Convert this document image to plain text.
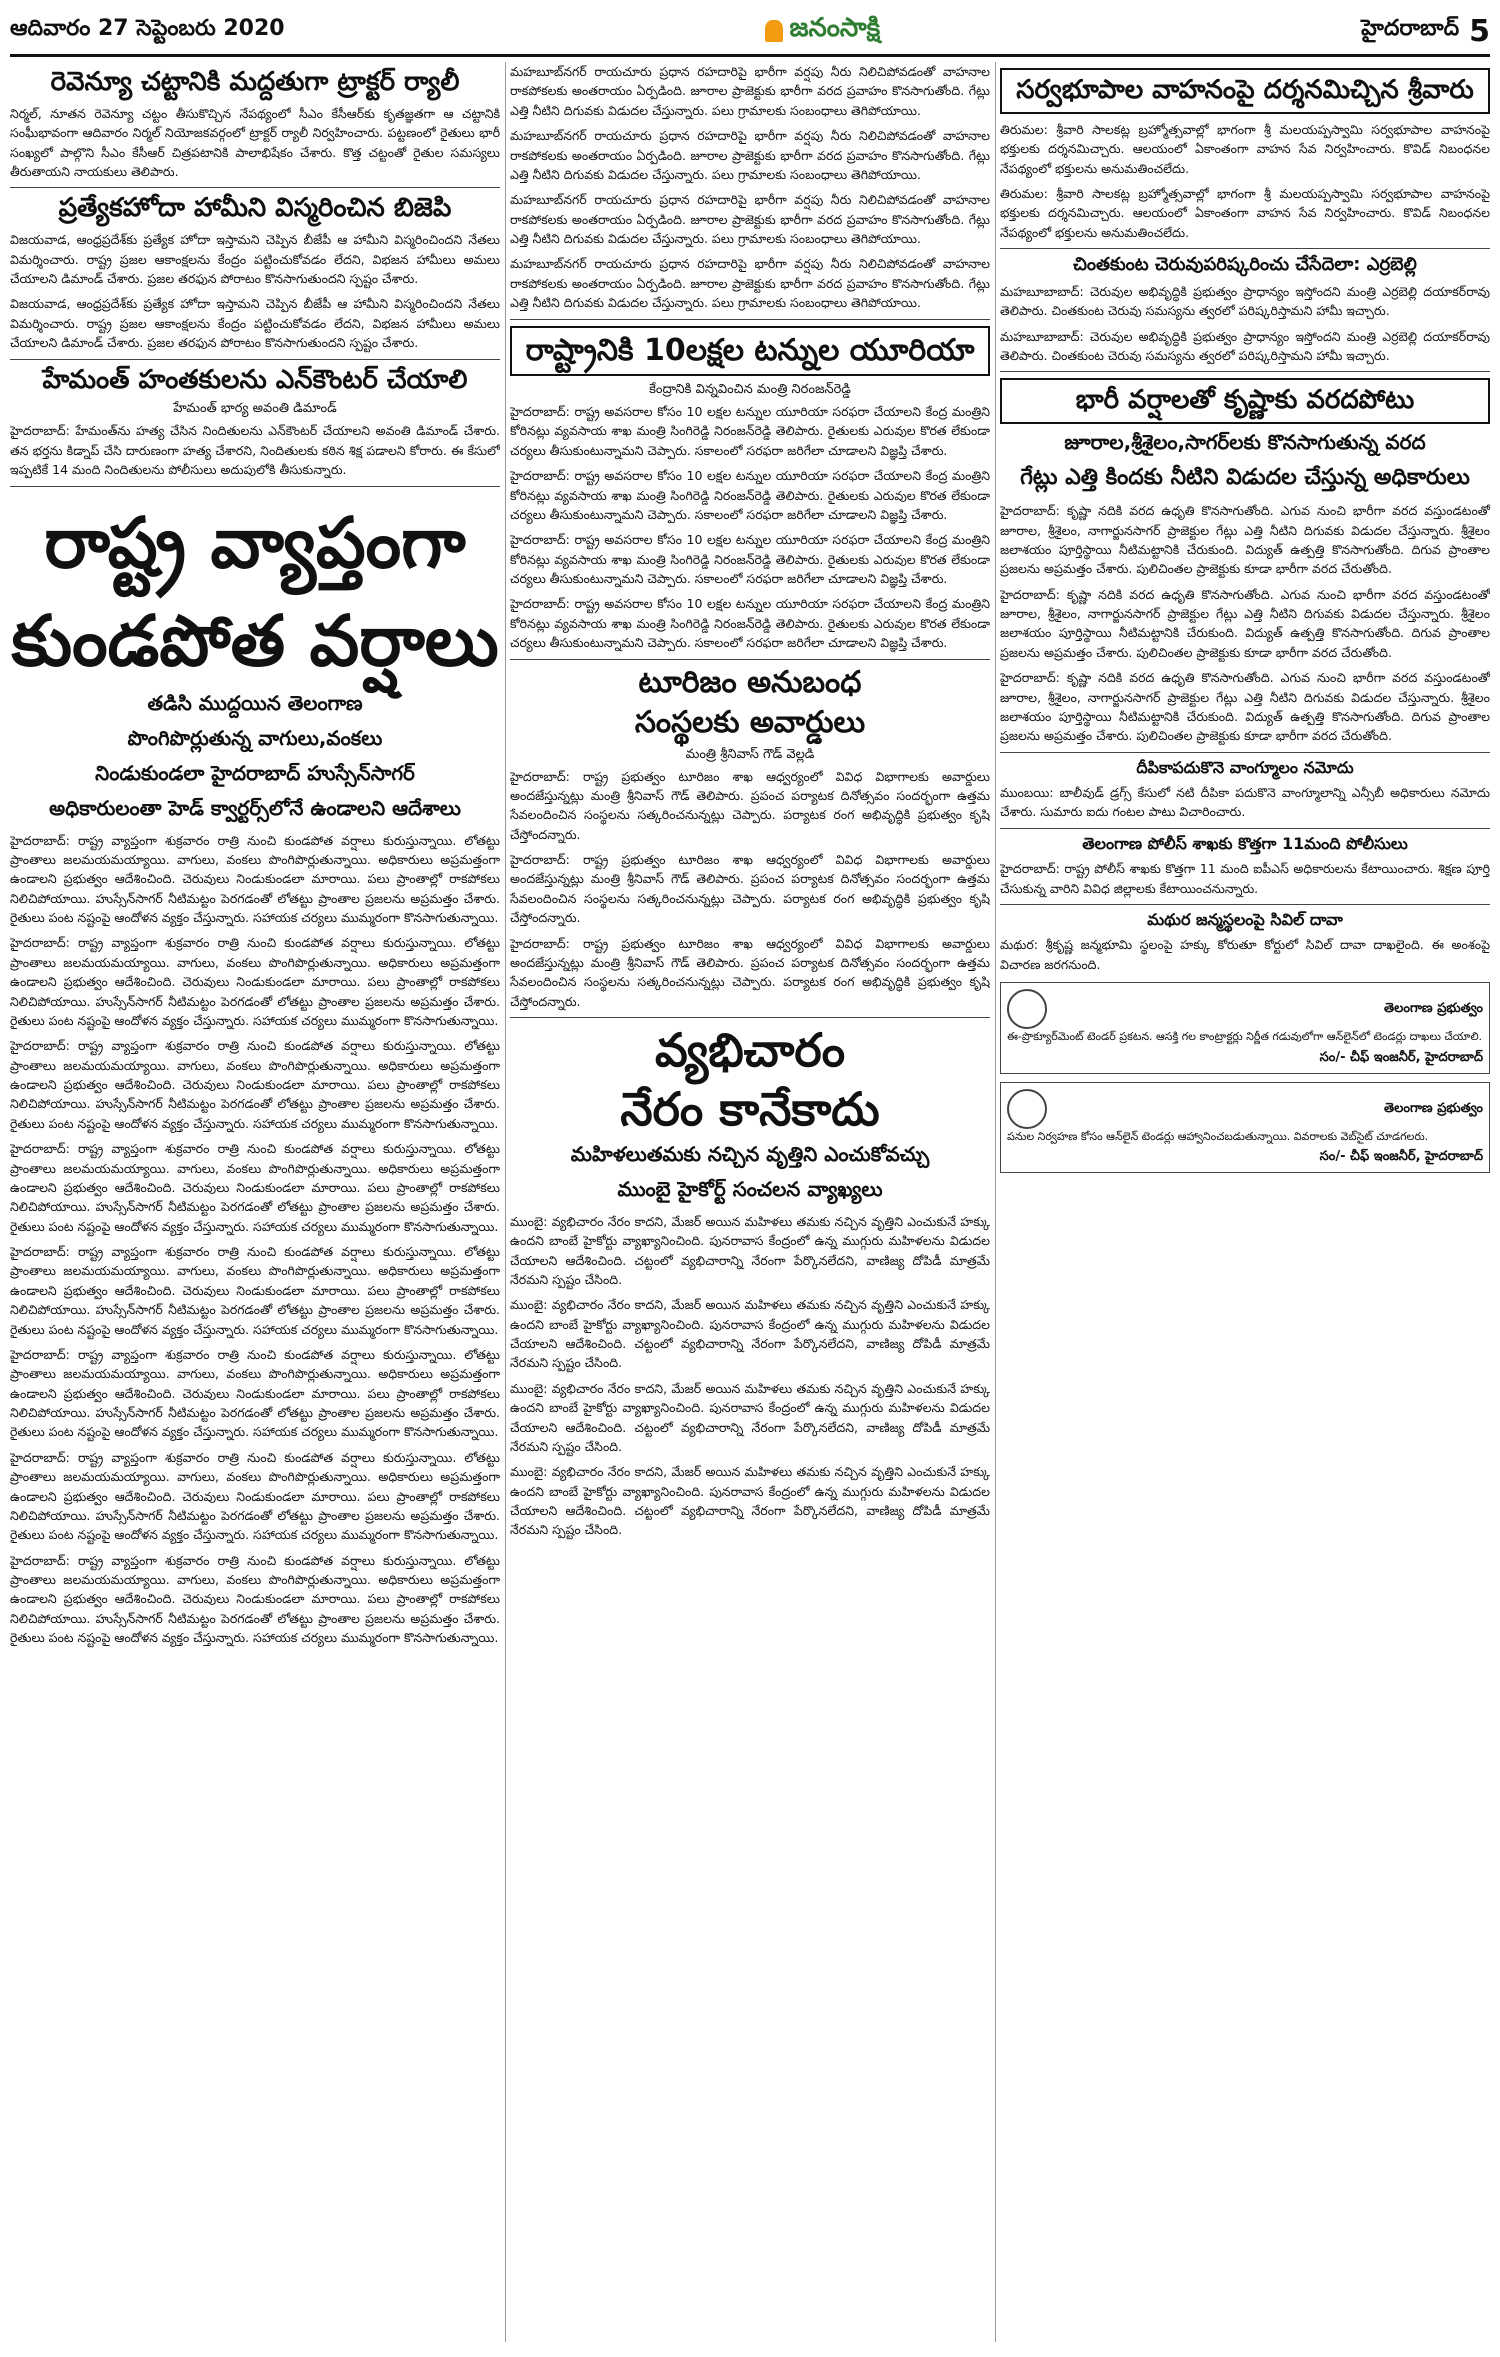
ఆదివారం 27 సెప్టెంబరు 2020	జనంసాక్షి	హైదరాబాద్ 5
రెవెన్యూ చట్టానికి మద్దతుగా ట్రాక్టర్ ర్యాలీ

నిర్మల్, నూతన రెవెన్యూ చట్టం తీసుకొచ్చిన నేపథ్యంలో సీఎం కేసీఆర్‌కు కృతజ్ఞతగా ఆ చట్టానికి సంఘీభావంగా ఆదివారం నిర్మల్ నియోజకవర్గంలో ట్రాక్టర్ ర్యాలీ నిర్వహించారు. పట్టణంలో రైతులు భారీ సంఖ్యలో పాల్గొని సీఎం కేసీఆర్ చిత్రపటానికి పాలాభిషేకం చేశారు. కొత్త చట్టంతో రైతుల సమస్యలు తీరుతాయని నాయకులు తెలిపారు.

ప్రత్యేకహోదా హామీని విస్మరించిన బిజెపి

విజయవాడ, ఆంధ్రప్రదేశ్‌కు ప్రత్యేక హోదా ఇస్తామని చెప్పిన బీజేపీ ఆ హామీని విస్మరించిందని నేతలు విమర్శించారు. రాష్ట్ర ప్రజల ఆకాంక్షలను కేంద్రం పట్టించుకోవడం లేదని, విభజన హామీలు అమలు చేయాలని డిమాండ్ చేశారు. ప్రజల తరఫున పోరాటం కొనసాగుతుందని స్పష్టం చేశారు.

విజయవాడ, ఆంధ్రప్రదేశ్‌కు ప్రత్యేక హోదా ఇస్తామని చెప్పిన బీజేపీ ఆ హామీని విస్మరించిందని నేతలు విమర్శించారు. రాష్ట్ర ప్రజల ఆకాంక్షలను కేంద్రం పట్టించుకోవడం లేదని, విభజన హామీలు అమలు చేయాలని డిమాండ్ చేశారు. ప్రజల తరఫున పోరాటం కొనసాగుతుందని స్పష్టం చేశారు.

హేమంత్ హంతకులను ఎన్‌కౌంటర్ చేయాలి
హేమంత్ భార్య అవంతి డిమాండ్

హైదరాబాద్: హేమంత్‌ను హత్య చేసిన నిందితులను ఎన్‌కౌంటర్ చేయాలని అవంతి డిమాండ్ చేశారు. తన భర్తను కిడ్నాప్ చేసి దారుణంగా హత్య చేశారని, నిందితులకు కఠిన శిక్ష పడాలని కోరారు. ఈ కేసులో ఇప్పటికే 14 మంది నిందితులను పోలీసులు అదుపులోకి తీసుకున్నారు.

రాష్ట్ర వ్యాప్తంగా
కుండపోత వర్షాలు
తడిసి ముద్దయిన తెలంగాణ
పొంగిపొర్లుతున్న వాగులు,వంకలు
నిండుకుండలా హైదరాబాద్ హుస్సేన్‌సాగర్
అధికారులంతా హెడ్ క్వార్టర్స్‌లోనే ఉండాలని ఆదేశాలు

హైదరాబాద్: రాష్ట్ర వ్యాప్తంగా శుక్రవారం రాత్రి నుంచి కుండపోత వర్షాలు కురుస్తున్నాయి. లోతట్టు ప్రాంతాలు జలమయమయ్యాయి. వాగులు, వంకలు పొంగిపొర్లుతున్నాయి. అధికారులు అప్రమత్తంగా ఉండాలని ప్రభుత్వం ఆదేశించింది. చెరువులు నిండుకుండలా మారాయి. పలు ప్రాంతాల్లో రాకపోకలు నిలిచిపోయాయి. హుస్సేన్‌సాగర్ నీటిమట్టం పెరగడంతో లోతట్టు ప్రాంతాల ప్రజలను అప్రమత్తం చేశారు. రైతులు పంట నష్టంపై ఆందోళన వ్యక్తం చేస్తున్నారు. సహాయక చర్యలు ముమ్మరంగా కొనసాగుతున్నాయి.

హైదరాబాద్: రాష్ట్ర వ్యాప్తంగా శుక్రవారం రాత్రి నుంచి కుండపోత వర్షాలు కురుస్తున్నాయి. లోతట్టు ప్రాంతాలు జలమయమయ్యాయి. వాగులు, వంకలు పొంగిపొర్లుతున్నాయి. అధికారులు అప్రమత్తంగా ఉండాలని ప్రభుత్వం ఆదేశించింది. చెరువులు నిండుకుండలా మారాయి. పలు ప్రాంతాల్లో రాకపోకలు నిలిచిపోయాయి. హుస్సేన్‌సాగర్ నీటిమట్టం పెరగడంతో లోతట్టు ప్రాంతాల ప్రజలను అప్రమత్తం చేశారు. రైతులు పంట నష్టంపై ఆందోళన వ్యక్తం చేస్తున్నారు. సహాయక చర్యలు ముమ్మరంగా కొనసాగుతున్నాయి.

హైదరాబాద్: రాష్ట్ర వ్యాప్తంగా శుక్రవారం రాత్రి నుంచి కుండపోత వర్షాలు కురుస్తున్నాయి. లోతట్టు ప్రాంతాలు జలమయమయ్యాయి. వాగులు, వంకలు పొంగిపొర్లుతున్నాయి. అధికారులు అప్రమత్తంగా ఉండాలని ప్రభుత్వం ఆదేశించింది. చెరువులు నిండుకుండలా మారాయి. పలు ప్రాంతాల్లో రాకపోకలు నిలిచిపోయాయి. హుస్సేన్‌సాగర్ నీటిమట్టం పెరగడంతో లోతట్టు ప్రాంతాల ప్రజలను అప్రమత్తం చేశారు. రైతులు పంట నష్టంపై ఆందోళన వ్యక్తం చేస్తున్నారు. సహాయక చర్యలు ముమ్మరంగా కొనసాగుతున్నాయి.

హైదరాబాద్: రాష్ట్ర వ్యాప్తంగా శుక్రవారం రాత్రి నుంచి కుండపోత వర్షాలు కురుస్తున్నాయి. లోతట్టు ప్రాంతాలు జలమయమయ్యాయి. వాగులు, వంకలు పొంగిపొర్లుతున్నాయి. అధికారులు అప్రమత్తంగా ఉండాలని ప్రభుత్వం ఆదేశించింది. చెరువులు నిండుకుండలా మారాయి. పలు ప్రాంతాల్లో రాకపోకలు నిలిచిపోయాయి. హుస్సేన్‌సాగర్ నీటిమట్టం పెరగడంతో లోతట్టు ప్రాంతాల ప్రజలను అప్రమత్తం చేశారు. రైతులు పంట నష్టంపై ఆందోళన వ్యక్తం చేస్తున్నారు. సహాయక చర్యలు ముమ్మరంగా కొనసాగుతున్నాయి.

హైదరాబాద్: రాష్ట్ర వ్యాప్తంగా శుక్రవారం రాత్రి నుంచి కుండపోత వర్షాలు కురుస్తున్నాయి. లోతట్టు ప్రాంతాలు జలమయమయ్యాయి. వాగులు, వంకలు పొంగిపొర్లుతున్నాయి. అధికారులు అప్రమత్తంగా ఉండాలని ప్రభుత్వం ఆదేశించింది. చెరువులు నిండుకుండలా మారాయి. పలు ప్రాంతాల్లో రాకపోకలు నిలిచిపోయాయి. హుస్సేన్‌సాగర్ నీటిమట్టం పెరగడంతో లోతట్టు ప్రాంతాల ప్రజలను అప్రమత్తం చేశారు. రైతులు పంట నష్టంపై ఆందోళన వ్యక్తం చేస్తున్నారు. సహాయక చర్యలు ముమ్మరంగా కొనసాగుతున్నాయి.

హైదరాబాద్: రాష్ట్ర వ్యాప్తంగా శుక్రవారం రాత్రి నుంచి కుండపోత వర్షాలు కురుస్తున్నాయి. లోతట్టు ప్రాంతాలు జలమయమయ్యాయి. వాగులు, వంకలు పొంగిపొర్లుతున్నాయి. అధికారులు అప్రమత్తంగా ఉండాలని ప్రభుత్వం ఆదేశించింది. చెరువులు నిండుకుండలా మారాయి. పలు ప్రాంతాల్లో రాకపోకలు నిలిచిపోయాయి. హుస్సేన్‌సాగర్ నీటిమట్టం పెరగడంతో లోతట్టు ప్రాంతాల ప్రజలను అప్రమత్తం చేశారు. రైతులు పంట నష్టంపై ఆందోళన వ్యక్తం చేస్తున్నారు. సహాయక చర్యలు ముమ్మరంగా కొనసాగుతున్నాయి.

హైదరాబాద్: రాష్ట్ర వ్యాప్తంగా శుక్రవారం రాత్రి నుంచి కుండపోత వర్షాలు కురుస్తున్నాయి. లోతట్టు ప్రాంతాలు జలమయమయ్యాయి. వాగులు, వంకలు పొంగిపొర్లుతున్నాయి. అధికారులు అప్రమత్తంగా ఉండాలని ప్రభుత్వం ఆదేశించింది. చెరువులు నిండుకుండలా మారాయి. పలు ప్రాంతాల్లో రాకపోకలు నిలిచిపోయాయి. హుస్సేన్‌సాగర్ నీటిమట్టం పెరగడంతో లోతట్టు ప్రాంతాల ప్రజలను అప్రమత్తం చేశారు. రైతులు పంట నష్టంపై ఆందోళన వ్యక్తం చేస్తున్నారు. సహాయక చర్యలు ముమ్మరంగా కొనసాగుతున్నాయి.

హైదరాబాద్: రాష్ట్ర వ్యాప్తంగా శుక్రవారం రాత్రి నుంచి కుండపోత వర్షాలు కురుస్తున్నాయి. లోతట్టు ప్రాంతాలు జలమయమయ్యాయి. వాగులు, వంకలు పొంగిపొర్లుతున్నాయి. అధికారులు అప్రమత్తంగా ఉండాలని ప్రభుత్వం ఆదేశించింది. చెరువులు నిండుకుండలా మారాయి. పలు ప్రాంతాల్లో రాకపోకలు నిలిచిపోయాయి. హుస్సేన్‌సాగర్ నీటిమట్టం పెరగడంతో లోతట్టు ప్రాంతాల ప్రజలను అప్రమత్తం చేశారు. రైతులు పంట నష్టంపై ఆందోళన వ్యక్తం చేస్తున్నారు. సహాయక చర్యలు ముమ్మరంగా కొనసాగుతున్నాయి.

మహబూబ్‌నగర్ రాయచూరు ప్రధాన రహదారిపై భారీగా వర్షపు నీరు నిలిచిపోవడంతో వాహనాల రాకపోకలకు అంతరాయం ఏర్పడింది. జూరాల ప్రాజెక్టుకు భారీగా వరద ప్రవాహం కొనసాగుతోంది. గేట్లు ఎత్తి నీటిని దిగువకు విడుదల చేస్తున్నారు. పలు గ్రామాలకు సంబంధాలు తెగిపోయాయి.

మహబూబ్‌నగర్ రాయచూరు ప్రధాన రహదారిపై భారీగా వర్షపు నీరు నిలిచిపోవడంతో వాహనాల రాకపోకలకు అంతరాయం ఏర్పడింది. జూరాల ప్రాజెక్టుకు భారీగా వరద ప్రవాహం కొనసాగుతోంది. గేట్లు ఎత్తి నీటిని దిగువకు విడుదల చేస్తున్నారు. పలు గ్రామాలకు సంబంధాలు తెగిపోయాయి.

మహబూబ్‌నగర్ రాయచూరు ప్రధాన రహదారిపై భారీగా వర్షపు నీరు నిలిచిపోవడంతో వాహనాల రాకపోకలకు అంతరాయం ఏర్పడింది. జూరాల ప్రాజెక్టుకు భారీగా వరద ప్రవాహం కొనసాగుతోంది. గేట్లు ఎత్తి నీటిని దిగువకు విడుదల చేస్తున్నారు. పలు గ్రామాలకు సంబంధాలు తెగిపోయాయి.

మహబూబ్‌నగర్ రాయచూరు ప్రధాన రహదారిపై భారీగా వర్షపు నీరు నిలిచిపోవడంతో వాహనాల రాకపోకలకు అంతరాయం ఏర్పడింది. జూరాల ప్రాజెక్టుకు భారీగా వరద ప్రవాహం కొనసాగుతోంది. గేట్లు ఎత్తి నీటిని దిగువకు విడుదల చేస్తున్నారు. పలు గ్రామాలకు సంబంధాలు తెగిపోయాయి.

రాష్ట్రానికి 10లక్షల టన్నుల యూరియా
కేంద్రానికి విన్నవించిన మంత్రి నిరంజన్‌రెడ్డి

హైదరాబాద్: రాష్ట్ర అవసరాల కోసం 10 లక్షల టన్నుల యూరియా సరఫరా చేయాలని కేంద్ర మంత్రిని కోరినట్లు వ్యవసాయ శాఖ మంత్రి సింగిరెడ్డి నిరంజన్‌రెడ్డి తెలిపారు. రైతులకు ఎరువుల కొరత లేకుండా చర్యలు తీసుకుంటున్నామని చెప్పారు. సకాలంలో సరఫరా జరిగేలా చూడాలని విజ్ఞప్తి చేశారు.

హైదరాబాద్: రాష్ట్ర అవసరాల కోసం 10 లక్షల టన్నుల యూరియా సరఫరా చేయాలని కేంద్ర మంత్రిని కోరినట్లు వ్యవసాయ శాఖ మంత్రి సింగిరెడ్డి నిరంజన్‌రెడ్డి తెలిపారు. రైతులకు ఎరువుల కొరత లేకుండా చర్యలు తీసుకుంటున్నామని చెప్పారు. సకాలంలో సరఫరా జరిగేలా చూడాలని విజ్ఞప్తి చేశారు.

హైదరాబాద్: రాష్ట్ర అవసరాల కోసం 10 లక్షల టన్నుల యూరియా సరఫరా చేయాలని కేంద్ర మంత్రిని కోరినట్లు వ్యవసాయ శాఖ మంత్రి సింగిరెడ్డి నిరంజన్‌రెడ్డి తెలిపారు. రైతులకు ఎరువుల కొరత లేకుండా చర్యలు తీసుకుంటున్నామని చెప్పారు. సకాలంలో సరఫరా జరిగేలా చూడాలని విజ్ఞప్తి చేశారు.

హైదరాబాద్: రాష్ట్ర అవసరాల కోసం 10 లక్షల టన్నుల యూరియా సరఫరా చేయాలని కేంద్ర మంత్రిని కోరినట్లు వ్యవసాయ శాఖ మంత్రి సింగిరెడ్డి నిరంజన్‌రెడ్డి తెలిపారు. రైతులకు ఎరువుల కొరత లేకుండా చర్యలు తీసుకుంటున్నామని చెప్పారు. సకాలంలో సరఫరా జరిగేలా చూడాలని విజ్ఞప్తి చేశారు.

టూరిజం అనుబంధ
సంస్థలకు అవార్డులు
మంత్రి శ్రీనివాస్ గౌడ్ వెల్లడి

హైదరాబాద్: రాష్ట్ర ప్రభుత్వం టూరిజం శాఖ ఆధ్వర్యంలో వివిధ విభాగాలకు అవార్డులు అందజేస్తున్నట్లు మంత్రి శ్రీనివాస్ గౌడ్ తెలిపారు. ప్రపంచ పర్యాటక దినోత్సవం సందర్భంగా ఉత్తమ సేవలందించిన సంస్థలను సత్కరించనున్నట్లు చెప్పారు. పర్యాటక రంగ అభివృద్ధికి ప్రభుత్వం కృషి చేస్తోందన్నారు.

హైదరాబాద్: రాష్ట్ర ప్రభుత్వం టూరిజం శాఖ ఆధ్వర్యంలో వివిధ విభాగాలకు అవార్డులు అందజేస్తున్నట్లు మంత్రి శ్రీనివాస్ గౌడ్ తెలిపారు. ప్రపంచ పర్యాటక దినోత్సవం సందర్భంగా ఉత్తమ సేవలందించిన సంస్థలను సత్కరించనున్నట్లు చెప్పారు. పర్యాటక రంగ అభివృద్ధికి ప్రభుత్వం కృషి చేస్తోందన్నారు.

హైదరాబాద్: రాష్ట్ర ప్రభుత్వం టూరిజం శాఖ ఆధ్వర్యంలో వివిధ విభాగాలకు అవార్డులు అందజేస్తున్నట్లు మంత్రి శ్రీనివాస్ గౌడ్ తెలిపారు. ప్రపంచ పర్యాటక దినోత్సవం సందర్భంగా ఉత్తమ సేవలందించిన సంస్థలను సత్కరించనున్నట్లు చెప్పారు. పర్యాటక రంగ అభివృద్ధికి ప్రభుత్వం కృషి చేస్తోందన్నారు.

వ్యభిచారం
నేరం కానేకాదు
మహిళలుతమకు నచ్చిన వృత్తిని ఎంచుకోవచ్చు
ముంబై హైకోర్ట్ సంచలన వ్యాఖ్యలు

ముంబై: వ్యభిచారం నేరం కాదని, మేజర్ అయిన మహిళలు తమకు నచ్చిన వృత్తిని ఎంచుకునే హక్కు ఉందని బాంబే హైకోర్టు వ్యాఖ్యానించింది. పునరావాస కేంద్రంలో ఉన్న ముగ్గురు మహిళలను విడుదల చేయాలని ఆదేశించింది. చట్టంలో వ్యభిచారాన్ని నేరంగా పేర్కొనలేదని, వాణిజ్య దోపిడీ మాత్రమే నేరమని స్పష్టం చేసింది.

ముంబై: వ్యభిచారం నేరం కాదని, మేజర్ అయిన మహిళలు తమకు నచ్చిన వృత్తిని ఎంచుకునే హక్కు ఉందని బాంబే హైకోర్టు వ్యాఖ్యానించింది. పునరావాస కేంద్రంలో ఉన్న ముగ్గురు మహిళలను విడుదల చేయాలని ఆదేశించింది. చట్టంలో వ్యభిచారాన్ని నేరంగా పేర్కొనలేదని, వాణిజ్య దోపిడీ మాత్రమే నేరమని స్పష్టం చేసింది.

ముంబై: వ్యభిచారం నేరం కాదని, మేజర్ అయిన మహిళలు తమకు నచ్చిన వృత్తిని ఎంచుకునే హక్కు ఉందని బాంబే హైకోర్టు వ్యాఖ్యానించింది. పునరావాస కేంద్రంలో ఉన్న ముగ్గురు మహిళలను విడుదల చేయాలని ఆదేశించింది. చట్టంలో వ్యభిచారాన్ని నేరంగా పేర్కొనలేదని, వాణిజ్య దోపిడీ మాత్రమే నేరమని స్పష్టం చేసింది.

ముంబై: వ్యభిచారం నేరం కాదని, మేజర్ అయిన మహిళలు తమకు నచ్చిన వృత్తిని ఎంచుకునే హక్కు ఉందని బాంబే హైకోర్టు వ్యాఖ్యానించింది. పునరావాస కేంద్రంలో ఉన్న ముగ్గురు మహిళలను విడుదల చేయాలని ఆదేశించింది. చట్టంలో వ్యభిచారాన్ని నేరంగా పేర్కొనలేదని, వాణిజ్య దోపిడీ మాత్రమే నేరమని స్పష్టం చేసింది.

సర్వభూపాల వాహనంపై దర్శనమిచ్చిన శ్రీవారు

తిరుమల: శ్రీవారి సాలకట్ల బ్రహ్మోత్సవాల్లో భాగంగా శ్రీ మలయప్పస్వామి సర్వభూపాల వాహనంపై భక్తులకు దర్శనమిచ్చారు. ఆలయంలో ఏకాంతంగా వాహన సేవ నిర్వహించారు. కొవిడ్ నిబంధనల నేపథ్యంలో భక్తులను అనుమతించలేదు.

తిరుమల: శ్రీవారి సాలకట్ల బ్రహ్మోత్సవాల్లో భాగంగా శ్రీ మలయప్పస్వామి సర్వభూపాల వాహనంపై భక్తులకు దర్శనమిచ్చారు. ఆలయంలో ఏకాంతంగా వాహన సేవ నిర్వహించారు. కొవిడ్ నిబంధనల నేపథ్యంలో భక్తులను అనుమతించలేదు.

చింతకుంట చెరువుపరిష్కరించు చేసేదెలా: ఎర్రబెల్లి

మహబూబాబాద్: చెరువుల అభివృద్ధికి ప్రభుత్వం ప్రాధాన్యం ఇస్తోందని మంత్రి ఎర్రబెల్లి దయాకర్‌రావు తెలిపారు. చింతకుంట చెరువు సమస్యను త్వరలో పరిష్కరిస్తామని హామీ ఇచ్చారు.

మహబూబాబాద్: చెరువుల అభివృద్ధికి ప్రభుత్వం ప్రాధాన్యం ఇస్తోందని మంత్రి ఎర్రబెల్లి దయాకర్‌రావు తెలిపారు. చింతకుంట చెరువు సమస్యను త్వరలో పరిష్కరిస్తామని హామీ ఇచ్చారు.

భారీ వర్షాలతో కృష్ణాకు వరదపోటు
జూరాల,శ్రీశైలం,సాగర్‌లకు కొనసాగుతున్న వరద
గేట్లు ఎత్తి కిందకు నీటిని విడుదల చేస్తున్న అధికారులు

హైదరాబాద్: కృష్ణా నదికి వరద ఉధృతి కొనసాగుతోంది. ఎగువ నుంచి భారీగా వరద వస్తుండటంతో జూరాల, శ్రీశైలం, నాగార్జునసాగర్ ప్రాజెక్టుల గేట్లు ఎత్తి నీటిని దిగువకు విడుదల చేస్తున్నారు. శ్రీశైలం జలాశయం పూర్తిస్థాయి నీటిమట్టానికి చేరుకుంది. విద్యుత్ ఉత్పత్తి కొనసాగుతోంది. దిగువ ప్రాంతాల ప్రజలను అప్రమత్తం చేశారు. పులిచింతల ప్రాజెక్టుకు కూడా భారీగా వరద చేరుతోంది.

హైదరాబాద్: కృష్ణా నదికి వరద ఉధృతి కొనసాగుతోంది. ఎగువ నుంచి భారీగా వరద వస్తుండటంతో జూరాల, శ్రీశైలం, నాగార్జునసాగర్ ప్రాజెక్టుల గేట్లు ఎత్తి నీటిని దిగువకు విడుదల చేస్తున్నారు. శ్రీశైలం జలాశయం పూర్తిస్థాయి నీటిమట్టానికి చేరుకుంది. విద్యుత్ ఉత్పత్తి కొనసాగుతోంది. దిగువ ప్రాంతాల ప్రజలను అప్రమత్తం చేశారు. పులిచింతల ప్రాజెక్టుకు కూడా భారీగా వరద చేరుతోంది.

హైదరాబాద్: కృష్ణా నదికి వరద ఉధృతి కొనసాగుతోంది. ఎగువ నుంచి భారీగా వరద వస్తుండటంతో జూరాల, శ్రీశైలం, నాగార్జునసాగర్ ప్రాజెక్టుల గేట్లు ఎత్తి నీటిని దిగువకు విడుదల చేస్తున్నారు. శ్రీశైలం జలాశయం పూర్తిస్థాయి నీటిమట్టానికి చేరుకుంది. విద్యుత్ ఉత్పత్తి కొనసాగుతోంది. దిగువ ప్రాంతాల ప్రజలను అప్రమత్తం చేశారు. పులిచింతల ప్రాజెక్టుకు కూడా భారీగా వరద చేరుతోంది.

దీపికాపదుకొనె వాంగ్మూలం నమోదు

ముంబయి: బాలీవుడ్ డ్రగ్స్ కేసులో నటి దీపికా పదుకొనె వాంగ్మూలాన్ని ఎన్సీబీ అధికారులు నమోదు చేశారు. సుమారు ఐదు గంటల పాటు విచారించారు.

తెలంగాణ పోలీస్ శాఖకు కొత్తగా 11మంది పోలీసులు

హైదరాబాద్: రాష్ట్ర పోలీస్ శాఖకు కొత్తగా 11 మంది ఐపీఎస్ అధికారులను కేటాయించారు. శిక్షణ పూర్తి చేసుకున్న వారిని వివిధ జిల్లాలకు కేటాయించనున్నారు.

మథుర జన్మస్థలంపై సివిల్ దావా

మథుర: శ్రీకృష్ణ జన్మభూమి స్థలంపై హక్కు కోరుతూ కోర్టులో సివిల్ దావా దాఖలైంది. ఈ అంశంపై విచారణ జరగనుంది.

తెలంగాణ ప్రభుత్వం
ఈ-ప్రొక్యూర్‌మెంట్ టెండర్ ప్రకటన. ఆసక్తి గల కాంట్రాక్టర్లు నిర్ణీత గడువులోగా ఆన్‌లైన్‌లో టెండర్లు దాఖలు చేయాలి.
సం/- చీఫ్ ఇంజనీర్, హైదరాబాద్
తెలంగాణ ప్రభుత్వం
పనుల నిర్వహణ కోసం ఆన్‌లైన్ టెండర్లు ఆహ్వానించబడుతున్నాయి. వివరాలకు వెబ్‌సైట్ చూడగలరు.
సం/- చీఫ్ ఇంజనీర్, హైదరాబాద్
